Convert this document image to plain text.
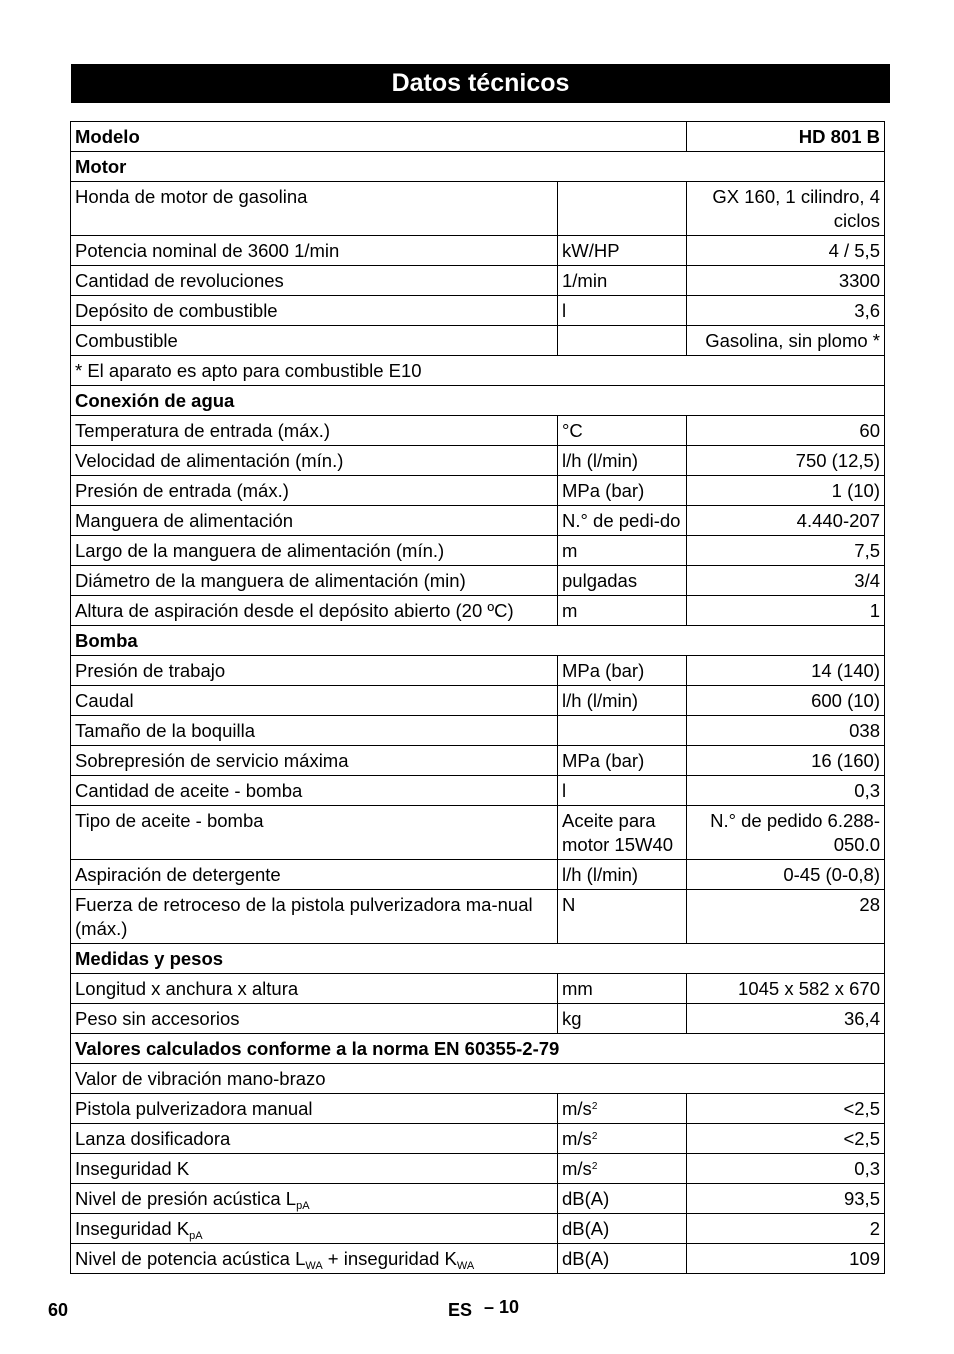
Datos técnicos
Modelo		HD 801 B
Motor		
Honda de motor de gasolina		GX 160, 1 cilindro, 4 ciclos
Potencia nominal de 3600 1/min	kW/HP	4 / 5,5
Cantidad de revoluciones	1/min	3300
Depósito de combustible	l	3,6
Combustible		Gasolina, sin plomo *
* El aparato es apto para combustible E10		
Conexión de agua		
Temperatura de entrada (máx.)	°C	60
Velocidad de alimentación (mín.)	l/h (l/min)	750 (12,5)
Presión de entrada (máx.)	MPa (bar)	1 (10)
Manguera de alimentación	N.° de pedi-do	4.440-207
Largo de la manguera de alimentación (mín.)	m	7,5
Diámetro de la manguera de alimentación (min)	pulgadas	3/4
Altura de aspiración desde el depósito abierto (20 ºC)	m	1
Bomba		
Presión de trabajo	MPa (bar)	14 (140)
Caudal	l/h (l/min)	600 (10)
Tamaño de la boquilla		038
Sobrepresión de servicio máxima	MPa (bar)	16 (160)
Cantidad de aceite - bomba	l	0,3
Tipo de aceite - bomba	Aceite para motor 15W40	N.° de pedido 6.288-050.0
Aspiración de detergente	l/h (l/min)	0-45 (0-0,8)
Fuerza de retroceso de la pistola pulverizadora ma-nual (máx.)	N	28
Medidas y pesos		
Longitud x anchura x altura	mm	1045 x 582 x 670
Peso sin accesorios	kg	36,4
Valores calculados conforme a la norma EN 60355-2-79		
Valor de vibración mano-brazo		
Pistola pulverizadora manual	$m/s^2$	<2,5
Lanza dosificadora	$m/s^2$	<2,5
Inseguridad K	$m/s^2$	0,3
Nivel de presión acústica $L_{pA}$	dB(A)	93,5
Inseguridad $K_{pA}$	dB(A)	2
Nivel de potencia acústica $L_{WA}$ + inseguridad $K_{WA}$	dB(A)	109
60	ES – 10
